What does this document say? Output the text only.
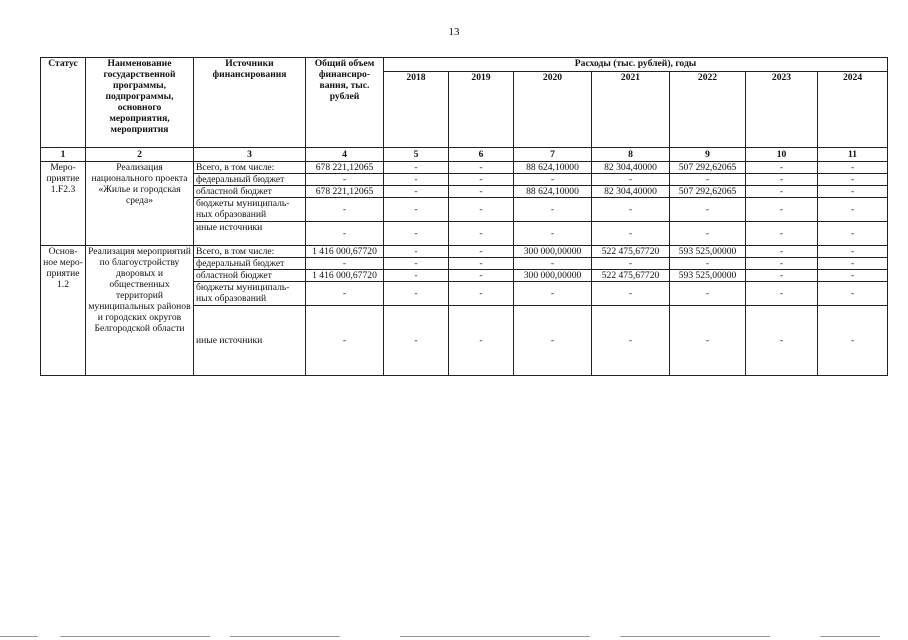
13
Статус	Наименование государственной программы, подпрограммы, основного мероприятия, мероприятия	Источники финансирования	Общий объем финансиро-вания, тыс. рублей	Расходы (тыс. рублей), годы						
				2018	2019	2020	2021	2022	2023	2024
1	2	3	4	5	6	7	8	9	10	11
Меро-приятие 1.F2.3	Реализация национального проекта «Жилье и городская среда»	Всего, в том числе:	678 221,12065	-	-	88 624,10000	82 304,40000	507 292,62065	-	-
		федеральный бюджет	-	-	-	-	-	-	-	-
		областной бюджет	678 221,12065	-	-	88 624,10000	82 304,40000	507 292,62065	-	-
		бюджеты муниципаль-ных образований	-	-	-	-	-	-	-	-
		иные источники	-	-	-	-	-	-	-	-
Основ-ное меро-приятие 1.2	Реализация мероприятий по благоустройству дворовых и общественных территорий муниципальных районов и городских округов Белгородской области	Всего, в том числе:	1 416 000,67720	-	-	300 000,00000	522 475,67720	593 525,00000	-	-
		федеральный бюджет	-	-	-	-	-	-	-	-
		областной бюджет	1 416 000,67720	-	-	300 000,00000	522 475,67720	593 525,00000	-	-
		бюджеты муниципаль-ных образований	-	-	-	-	-	-	-	-
		иные источники	-	-	-	-	-	-	-	-
